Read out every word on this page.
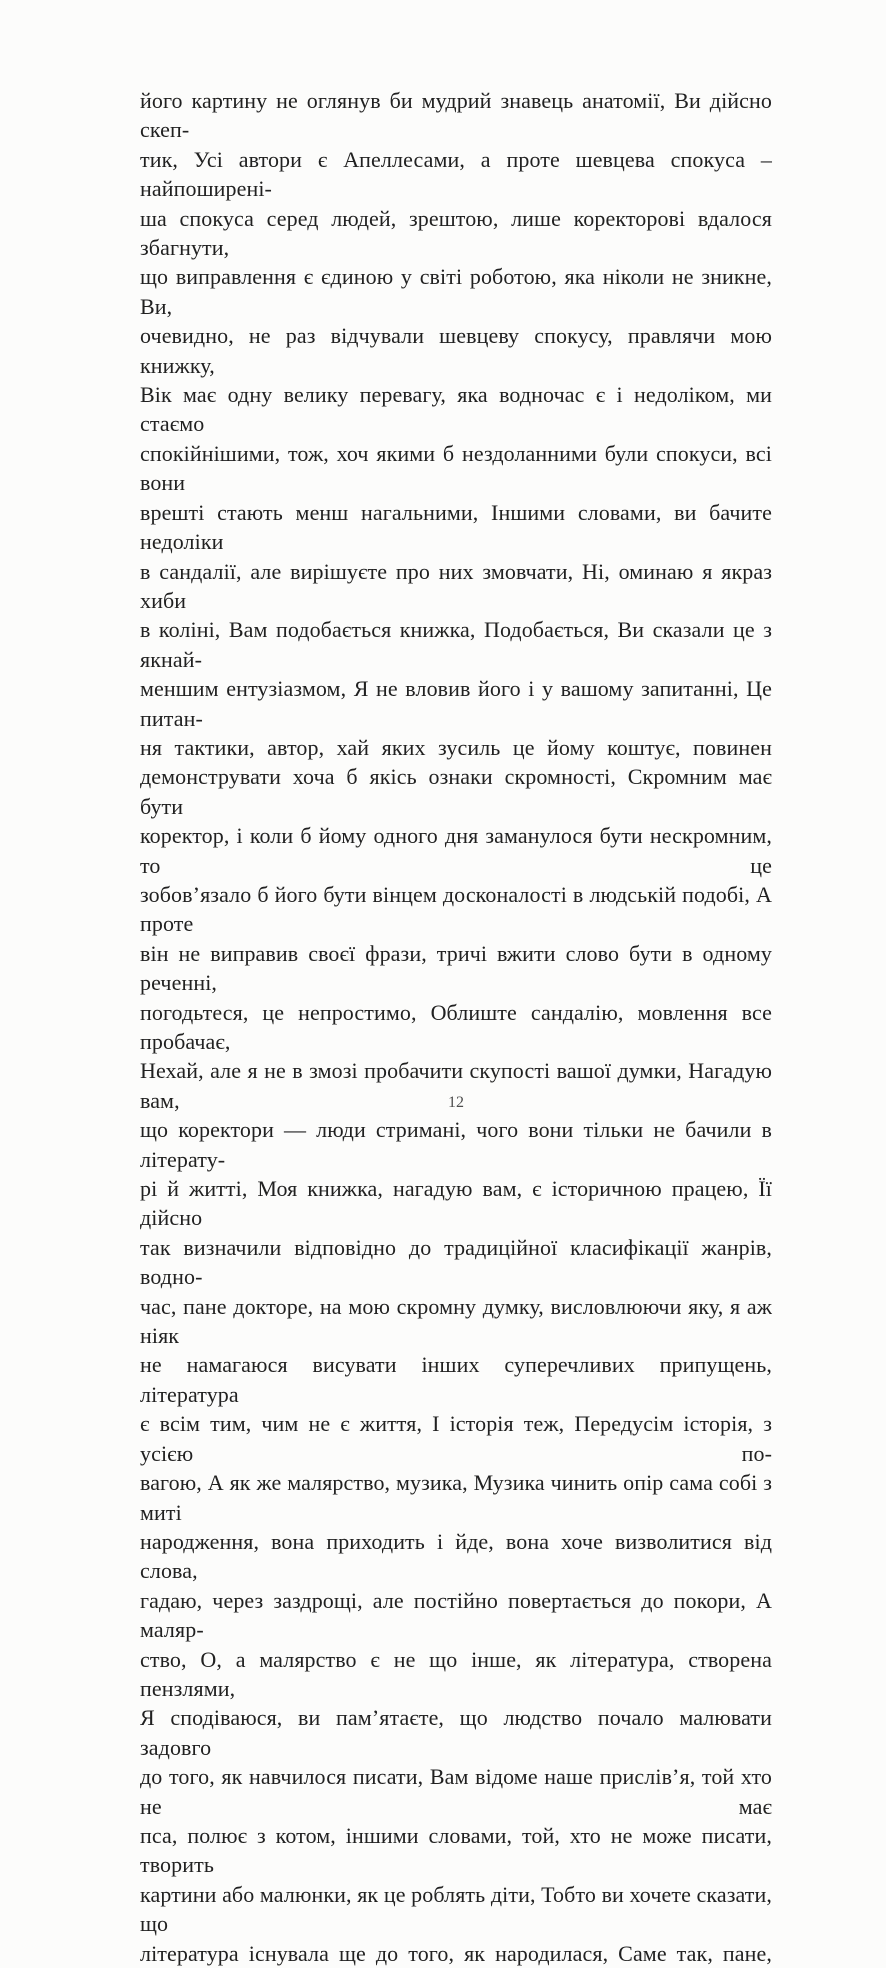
його картину не оглянув би мудрий знавець анатомії, Ви дійсно скеп-
тик, Усі автори є Апеллесами, а проте шевцева спокуса – найпоширені-
ша спокуса серед людей, зрештою, лише коректорові вдалося збагнути,
що виправлення є єдиною у світі роботою, яка ніколи не зникне, Ви,
очевидно, не раз відчували шевцеву спокусу, правлячи мою книжку,
Вік має одну велику перевагу, яка водночас є і недоліком, ми стаємо
спокійнішими, тож, хоч якими б нездоланними були спокуси, всі вони
врешті стають менш нагальними, Іншими словами, ви бачите недоліки
в сандалії, але вирішуєте про них змовчати, Ні, оминаю я якраз хиби
в коліні, Вам подобається книжка, Подобається, Ви сказали це з якнай-
меншим ентузіазмом, Я не вловив його і у вашому запитанні, Це питан-
ня тактики, автор, хай яких зусиль це йому коштує, повинен
демонструвати хоча б якісь ознаки скромності, Скромним має бути
коректор, і коли б йому одного дня заманулося бути нескромним, то це
зобов’язало б його бути вінцем досконалості в людській подобі, А проте
він не виправив своєї фрази, тричі вжити слово бути в одному реченні,
погодьтеся, це непростимо, Облиште сандалію, мовлення все пробачає,
Нехай, але я не в змозі пробачити скупості вашої думки, Нагадую вам,
що коректори — люди стримані, чого вони тільки не бачили в літерату-
рі й житті, Моя книжка, нагадую вам, є історичною працею, Її дійсно
так визначили відповідно до традиційної класифікації жанрів, водно-
час, пане докторе, на мою скромну думку, висловлюючи яку, я аж ніяк
не намагаюся висувати інших суперечливих припущень, література
є всім тим, чим не є життя, І історія теж, Передусім історія, з усією по-
вагою, А як же малярство, музика, Музика чинить опір сама собі з миті
народження, вона приходить і йде, вона хоче визволитися від слова,
гадаю, через заздрощі, але постійно повертається до покори, А маляр-
ство, О, а малярство є не що інше, як література, створена пензлями,
Я сподіваюся, ви пам’ятаєте, що людство почало малювати задовго
до того, як навчилося писати, Вам відоме наше прислів’я, той хто не має
пса, полює з котом, іншими словами, той, хто не може писати, творить
картини або малюнки, як це роблять діти, Тобто ви хочете сказати, що
література існувала ще до того, як народилася, Саме так, пане,
12
